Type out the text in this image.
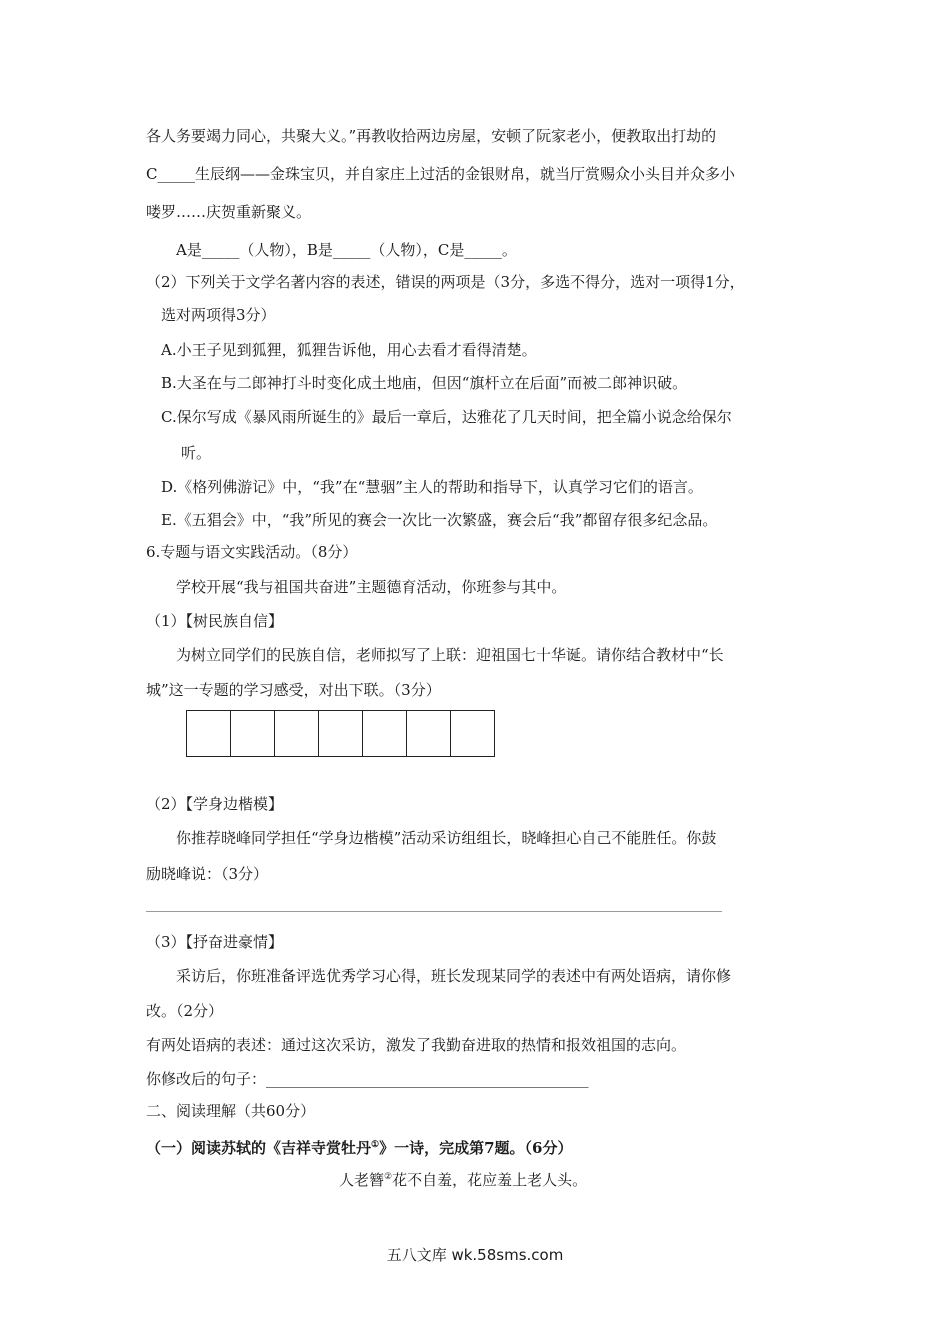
各人务要竭力同心，共聚大义。”再教收拾两边房屋，安顿了阮家老小，便教取出打劫的
C_____生辰纲——金珠宝贝，并自家庄上过活的金银财帛，就当厅赏赐众小头目并众多小
喽罗……庆贺重新聚义。
A是_____（人物），B是_____（人物），C是_____。
（2）下列关于文学名著内容的表述，错误的两项是（3分，多选不得分，选对一项得1分，
选对两项得3分）
A.小王子见到狐狸，狐狸告诉他，用心去看才看得清楚。
B.大圣在与二郎神打斗时变化成土地庙，但因“旗杆立在后面”而被二郎神识破。
C.保尔写成《暴风雨所诞生的》最后一章后，达雅花了几天时间，把全篇小说念给保尔
听。
D.《格列佛游记》中，“我”在“慧骃”主人的帮助和指导下，认真学习它们的语言。
E.《五猖会》中，“我”所见的赛会一次比一次繁盛，赛会后“我”都留存很多纪念品。
6.专题与语文实践活动。（8分）
学校开展“我与祖国共奋进”主题德育活动，你班参与其中。
（1）【树民族自信】
为树立同学们的民族自信，老师拟写了上联：迎祖国七十华诞。请你结合教材中“长
城”这一专题的学习感受，对出下联。（3分）
（2）【学身边楷模】
你推荐晓峰同学担任“学身边楷模”活动采访组组长，晓峰担心自己不能胜任。你鼓
励晓峰说：（3分）
（3）【抒奋进豪情】
采访后，你班准备评选优秀学习心得，班长发现某同学的表述中有两处语病，请你修
改。（2分）
有两处语病的表述：通过这次采访，激发了我勤奋进取的热情和报效祖国的志向。
你修改后的句子：___________________________________________
二、阅读理解（共60分）
（一）阅读苏轼的《吉祥寺赏牡丹①》一诗，完成第7题。（6分）
人老簪②花不自羞，花应羞上老人头。
五八文库 wk.58sms.com
